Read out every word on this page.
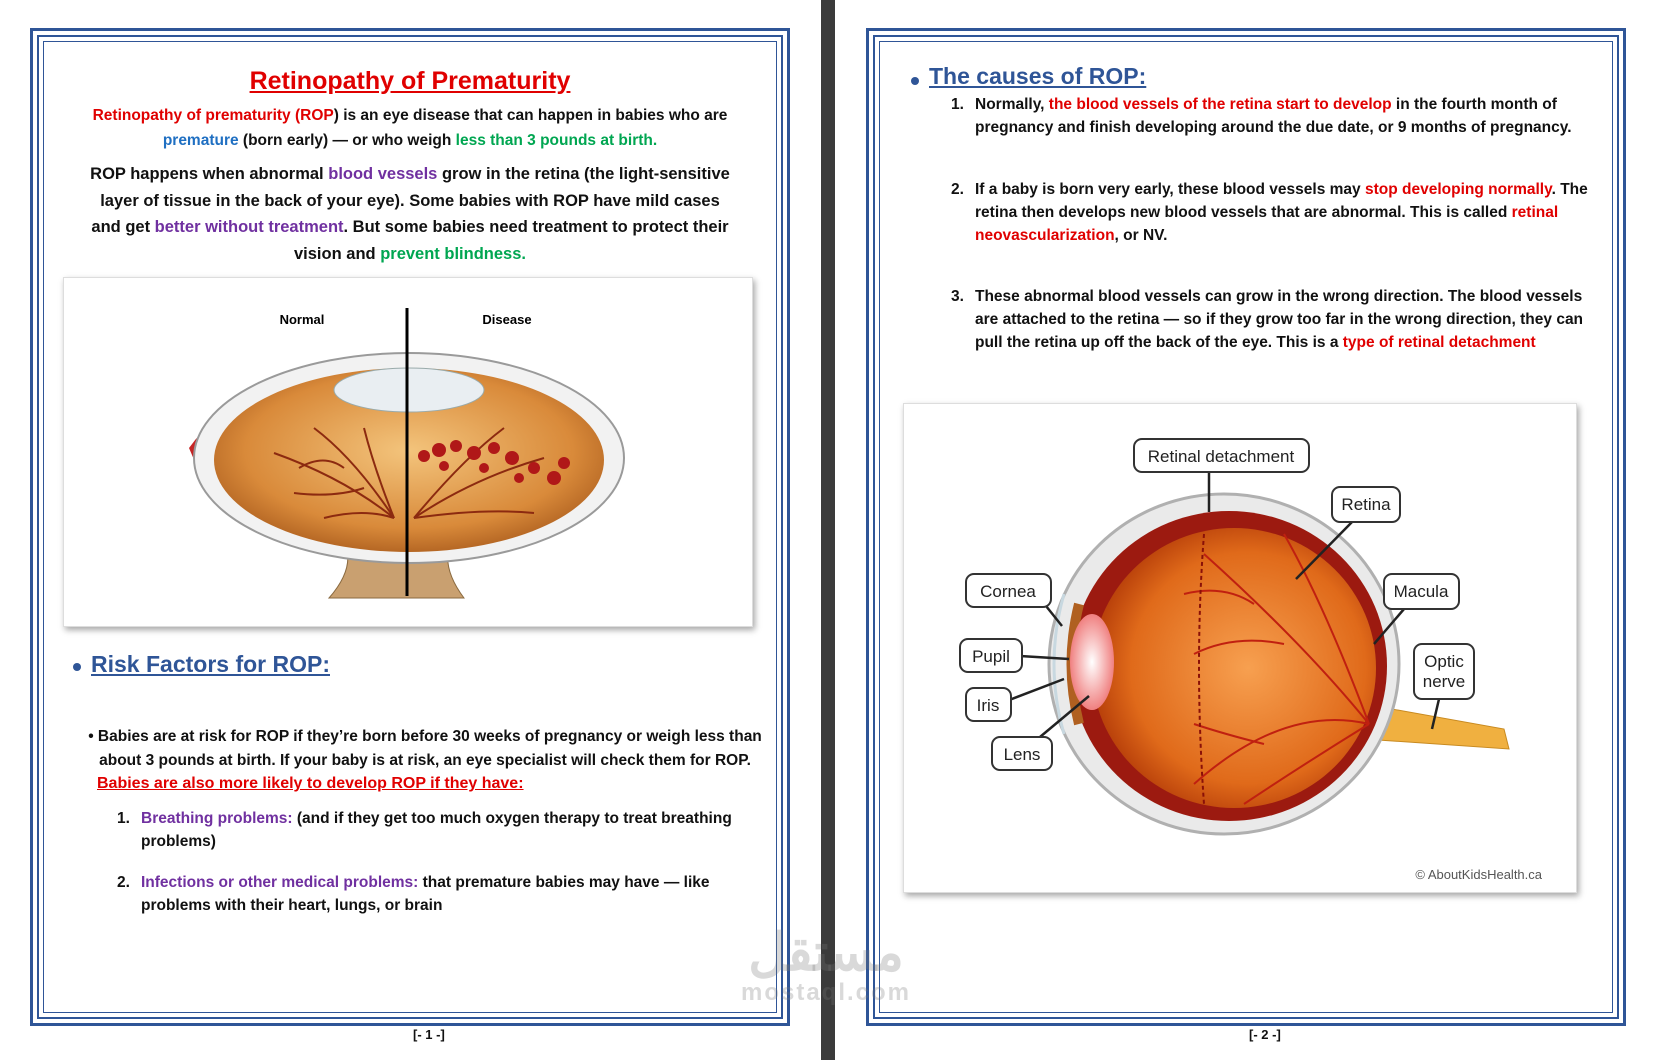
Retinopathy of Prematurity
Retinopathy of prematurity (ROP) is an eye disease that can happen in babies who are premature (born early) — or who weigh less than 3 pounds at birth.
ROP happens when abnormal blood vessels grow in the retina (the light-sensitive layer of tissue in the back of your eye). Some babies with ROP have mild cases and get better without treatment. But some babies need treatment to protect their vision and prevent blindness.
Normal	Disease
Risk Factors for ROP:
• Babies are at risk for ROP if they’re born before 30 weeks of pregnancy or weigh less than about 3 pounds at birth. If your baby is at risk, an eye specialist will check them for ROP.
Babies are also more likely to develop ROP if they have:
1. Breathing problems: (and if they get too much oxygen therapy to treat breathing problems)
2. Infections or other medical problems: that premature babies may have — like problems with their heart, lungs, or brain
[- 1 -]
The causes of ROP:
1. Normally, the blood vessels of the retina start to develop in the fourth month of pregnancy and finish developing around the due date, or 9 months of pregnancy.
2. If a baby is born very early, these blood vessels may stop developing normally. The retina then develops new blood vessels that are abnormal. This is called retinal neovascularization, or NV.
3. These abnormal blood vessels can grow in the wrong direction. The blood vessels are attached to the retina — so if they grow too far in the wrong direction, they can pull the retina up off the back of the eye. This is a type of retinal detachment
Retinal detachment
Retina
Cornea	Macula
Pupil	Optic
nerve
Iris
Lens
© AboutKidsHealth.ca
[- 2 -]
مستقل
mostaql.com
